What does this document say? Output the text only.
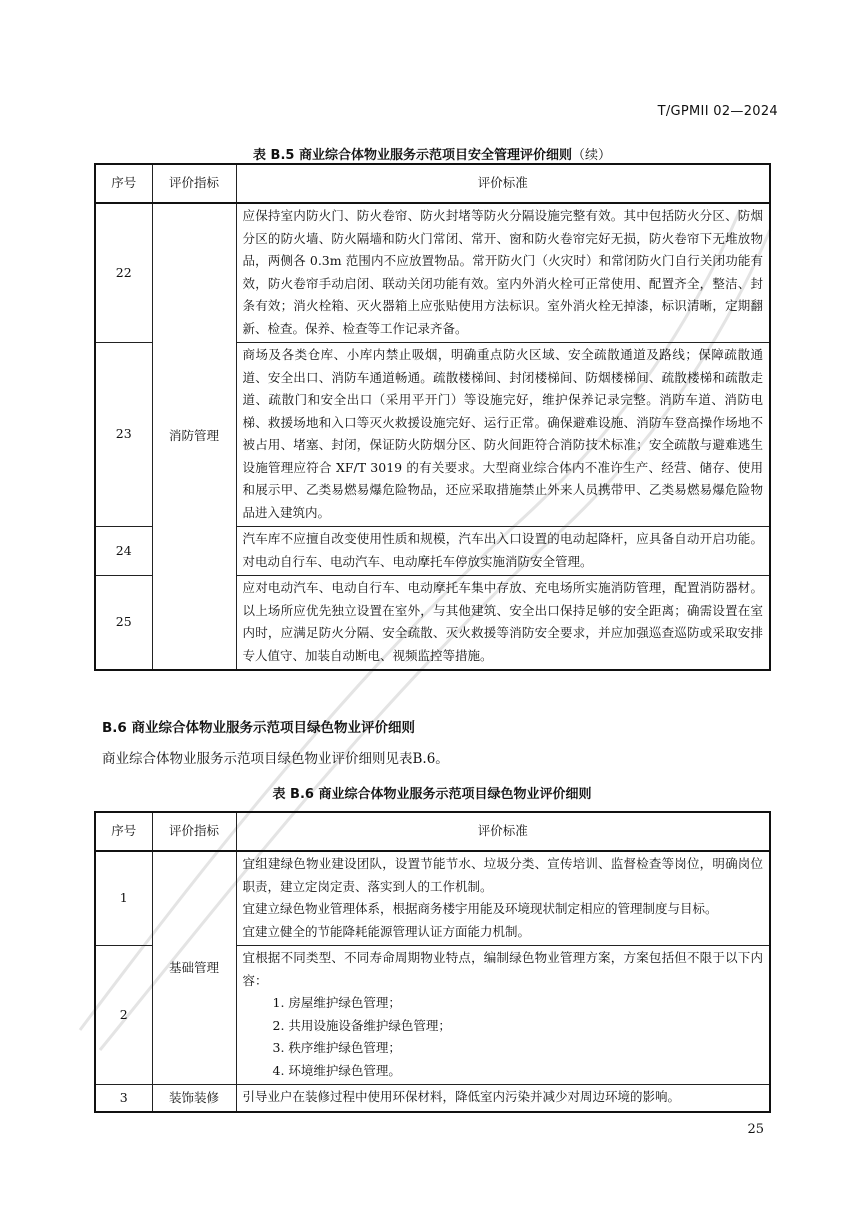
T/GPMII 02—2024
表 B.5 商业综合体物业服务示范项目安全管理评价细则（续）
序号	评价指标	评价标准
22	消防管理	应保持室内防火门、防火卷帘、防火封堵等防火分隔设施完整有效。其中包括防火分区、防烟分区的防火墙、防火隔墙和防火门常闭、常开、窗和防火卷帘完好无损，防火卷帘下无堆放物品，两侧各 0.3m 范围内不应放置物品。常开防火门（火灾时）和常闭防火门自行关闭功能有效，防火卷帘手动启闭、联动关闭功能有效。室内外消火栓可正常使用、配置齐全，整洁、封条有效；消火栓箱、灭火器箱上应张贴使用方法标识。室外消火栓无掉漆，标识清晰，定期翻新、检查。保养、检查等工作记录齐备。
23		商场及各类仓库、小库内禁止吸烟，明确重点防火区域、安全疏散通道及路线；保障疏散通道、安全出口、消防车通道畅通。疏散楼梯间、封闭楼梯间、防烟楼梯间、疏散楼梯和疏散走道、疏散门和安全出口（采用平开门）等设施完好，维护保养记录完整。消防车道、消防电梯、救援场地和入口等灭火救援设施完好、运行正常。确保避难设施、消防车登高操作场地不被占用、堵塞、封闭，保证防火防烟分区、防火间距符合消防技术标准；安全疏散与避难逃生设施管理应符合 XF/T 3019 的有关要求。大型商业综合体内不准许生产、经营、储存、使用和展示甲、乙类易燃易爆危险物品，还应采取措施禁止外来人员携带甲、乙类易燃易爆危险物品进入建筑内。
24		汽车库不应擅自改变使用性质和规模，汽车出入口设置的电动起降杆，应具备自动开启功能。对电动自行车、电动汽车、电动摩托车停放实施消防安全管理。
25		应对电动汽车、电动自行车、电动摩托车集中存放、充电场所实施消防管理，配置消防器材。以上场所应优先独立设置在室外，与其他建筑、安全出口保持足够的安全距离；确需设置在室内时，应满足防火分隔、安全疏散、灭火救援等消防安全要求，并应加强巡查巡防或采取安排专人值守、加装自动断电、视频监控等措施。
B.6 商业综合体物业服务示范项目绿色物业评价细则
商业综合体物业服务示范项目绿色物业评价细则见表B.6。
表 B.6 商业综合体物业服务示范项目绿色物业评价细则
序号	评价指标	评价标准
1	基础管理	宜组建绿色物业建设团队，设置节能节水、垃圾分类、宣传培训、监督检查等岗位，明确岗位职责，建立定岗定责、落实到人的工作机制。
宜建立绿色物业管理体系，根据商务楼宇用能及环境现状制定相应的管理制度与目标。
宜建立健全的节能降耗能源管理认证方面能力机制。

2		宜根据不同类型、不同寿命周期物业特点，编制绿色物业管理方案，方案包括但不限于以下内容：
1. 房屋维护绿色管理；
2. 共用设施设备维护绿色管理；
3. 秩序维护绿色管理；
4. 环境维护绿色管理。

3	装饰装修	引导业户在装修过程中使用环保材料，降低室内污染并减少对周边环境的影响。
25
